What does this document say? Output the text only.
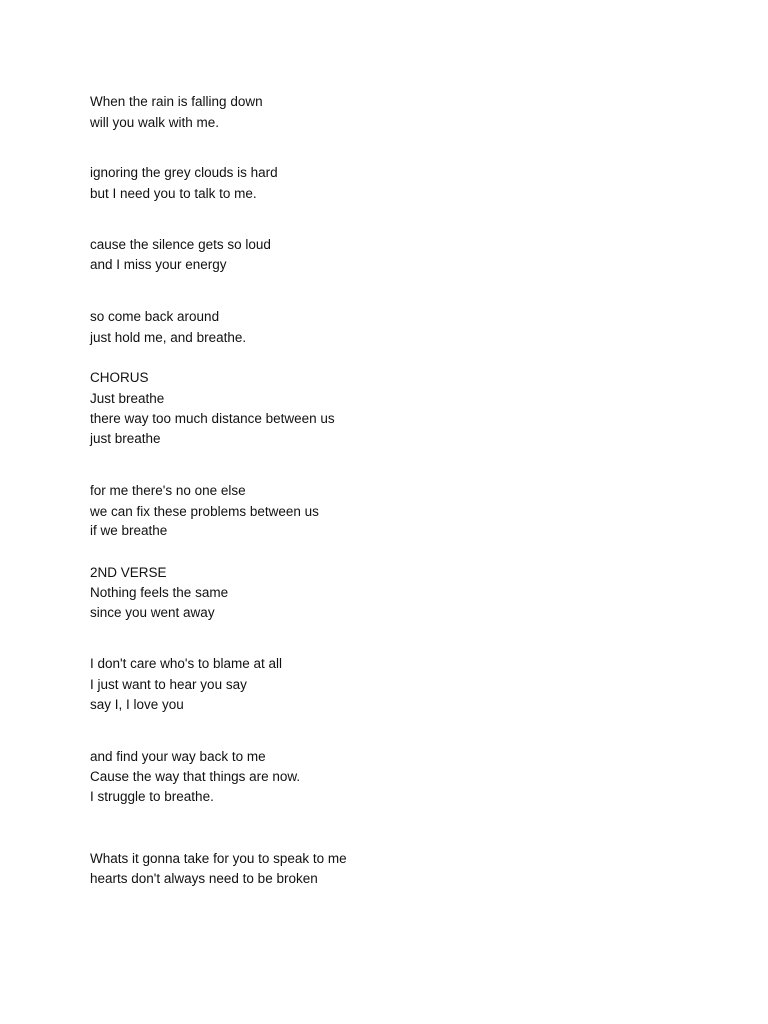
When the rain is falling down
will you walk with me.
ignoring the grey clouds is hard
but I need you to talk to me.
cause the silence gets so loud
and I miss your energy
so come back around
just hold me, and breathe.
CHORUS
Just breathe
there way too much distance between us
just breathe
for me there's no one else
we can fix these problems between us
if we breathe
2ND VERSE
Nothing feels the same
since you went away
I don't care who's to blame at all
I just want to hear you say
say I, I love you
and find your way back to me
Cause the way that things are now.
I struggle to breathe.
Whats it gonna take for you to speak to me
hearts don't always need to be broken
